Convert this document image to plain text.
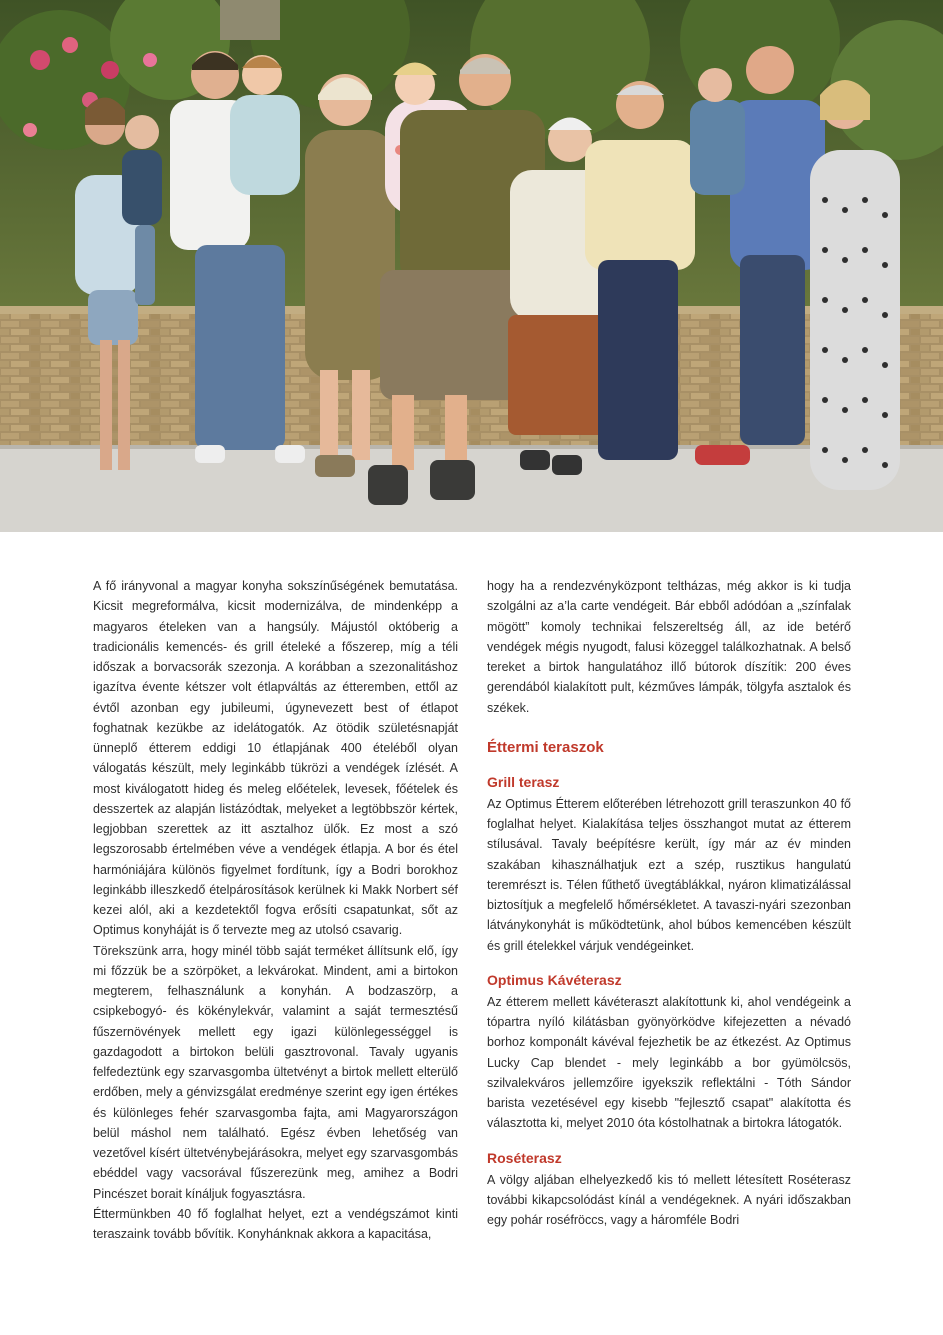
A fő irányvonal a magyar konyha sokszínűségének bemutatása. Kicsit megreformálva, kicsit modernizálva, de mindenképp a magyaros ételeken van a hangsúly. Májustól októberig a tradicionális kemencés- és grill ételeké a főszerep, míg a téli időszak a borvacsorák szezonja. A korábban a szezonalitáshoz igazítva évente kétszer volt étlapváltás az étteremben, ettől az évtől azonban egy jubileumi, úgynevezett best of étlapot foghatnak kezükbe az idelátogatók. Az ötödik születésnapját ünneplő étterem eddigi 10 étlapjának 400 ételéből olyan válogatás készült, mely leginkább tükrözi a vendégek ízlését. A most kiválogatott hideg és meleg előételek, levesek, főételek és desszertek az alapján listázódtak, melyeket a legtöbbször kértek, legjobban szerettek az itt asztalhoz ülők. Ez most a szó legszorosabb értelmében véve a vendégek étlapja. A bor és étel harmóniájára különös figyelmet fordítunk, így a Bodri borokhoz leginkább illeszkedő ételpárosítások kerülnek ki Makk Norbert séf kezei alól, aki a kezdetektől fogva erősíti csapatunkat, sőt az Optimus konyháját is ő tervezte meg az utolsó csavarig.

Törekszünk arra, hogy minél több saját terméket állítsunk elő, így mi főzzük be a szörpöket, a lekvárokat. Mindent, ami a birtokon megterem, felhasználunk a konyhán. A bodzaszörp, a csipkebogyó- és kökénylekvár, valamint a saját termesztésű fűszernövények mellett egy igazi különlegességgel is gazdagodott a birtokon belüli gasztrovonal. Tavaly ugyanis felfedeztünk egy szarvasgomba ültetvényt a birtok mellett elterülő erdőben, mely a génvizsgálat eredménye szerint egy igen értékes és különleges fehér szarvasgomba fajta, ami Magyarországon belül máshol nem található. Egész évben lehetőség van vezetővel kísért ültetvénybejárásokra, melyet egy szarvasgombás ebéddel vagy vacsorával fűszerezünk meg, amihez a Bodri Pincészet borait kínáljuk fogyasztásra.

Éttermünkben 40 fő foglalhat helyet, ezt a vendégszámot kinti teraszaink tovább bővítik. Konyhánknak akkora a kapacitása,

hogy ha a rendezvényközpont teltházas, még akkor is ki tudja szolgálni az a’la carte vendégeit. Bár ebből adódóan a „színfalak mögött” komoly technikai felszereltség áll, az ide betérő vendégek mégis nyugodt, falusi közeggel találkozhatnak. A belső tereket a birtok hangulatához illő bútorok díszítik: 200 éves gerendából kialakított pult, kézműves lámpák, tölgyfa asztalok és székek.

Éttermi teraszok
Grill terasz

Az Optimus Étterem előterében létrehozott grill teraszunkon 40 fő foglalhat helyet. Kialakítása teljes összhangot mutat az étterem stílusával. Tavaly beépítésre került, így már az év minden szakában kihasználhatjuk ezt a szép, rusztikus hangulatú teremrészt is. Télen fűthető üvegtáblákkal, nyáron klimatizálással biztosítjuk a megfelelő hőmérsékletet. A tavaszi-nyári szezonban látványkonyhát is működtetünk, ahol búbos kemencében készült és grill ételekkel várjuk vendégeinket.

Optimus Kávéterasz

Az étterem mellett kávéteraszt alakítottunk ki, ahol vendégeink a tópartra nyíló kilátásban gyönyörködve kifejezetten a névadó borhoz komponált kávéval fejezhetik be az étkezést. Az Optimus Lucky Cap blendet - mely leginkább a bor gyümölcsös, szilvalekváros jellemzőire igyekszik reflektálni - Tóth Sándor barista vezetésével egy kisebb "fejlesztő csapat" alakította és választotta ki, melyet 2010 óta kóstolhatnak a birtokra látogatók.

Roséterasz

A völgy aljában elhelyezkedő kis tó mellett létesített Roséterasz további kikapcsolódást kínál a vendégeknek. A nyári időszakban egy pohár roséfröccs, vagy a háromféle Bodri
